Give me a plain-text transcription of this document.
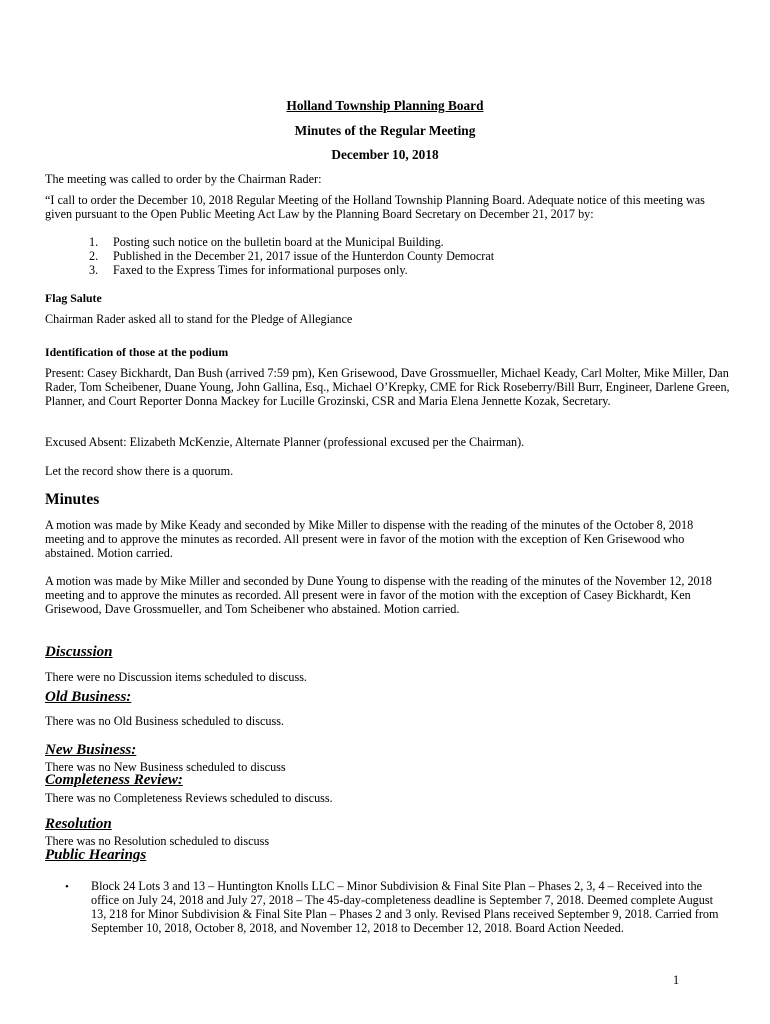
Holland Township Planning Board
Minutes of the Regular Meeting
December 10, 2018
The meeting was called to order by the Chairman Rader:
“I call to order the December 10, 2018 Regular Meeting of the Holland Township Planning Board. Adequate notice of this meeting was given pursuant to the Open Public Meeting Act Law by the Planning Board Secretary on December 21, 2017 by:
1. Posting such notice on the bulletin board at the Municipal Building.
2. Published in the December 21, 2017 issue of the Hunterdon County Democrat
3. Faxed to the Express Times for informational purposes only.
Flag Salute
Chairman Rader asked all to stand for the Pledge of Allegiance
Identification of those at the podium
Present: Casey Bickhardt, Dan Bush (arrived 7:59 pm), Ken Grisewood, Dave Grossmueller, Michael Keady, Carl Molter, Mike Miller, Dan Rader, Tom Scheibener, Duane Young, John Gallina, Esq., Michael O’Krepky, CME for Rick Roseberry/Bill Burr, Engineer, Darlene Green, Planner, and Court Reporter Donna Mackey for Lucille Grozinski, CSR and Maria Elena Jennette Kozak, Secretary.
Excused Absent: Elizabeth McKenzie, Alternate Planner (professional excused per the Chairman).
Let the record show there is a quorum.
Minutes
A motion was made by Mike Keady and seconded by Mike Miller to dispense with the reading of the minutes of the October 8, 2018 meeting and to approve the minutes as recorded. All present were in favor of the motion with the exception of Ken Grisewood who abstained. Motion carried.
A motion was made by Mike Miller and seconded by Dune Young to dispense with the reading of the minutes of the November 12, 2018 meeting and to approve the minutes as recorded. All present were in favor of the motion with the exception of Casey Bickhardt, Ken Grisewood, Dave Grossmueller, and Tom Scheibener who abstained. Motion carried.
Discussion
There were no Discussion items scheduled to discuss.
Old Business:
There was no Old Business scheduled to discuss.
New Business:
There was no New Business scheduled to discuss
Completeness Review:
There was no Completeness Reviews scheduled to discuss.
Resolution
There was no Resolution scheduled to discuss
Public Hearings
• Block 24 Lots 3 and 13 – Huntington Knolls LLC – Minor Subdivision & Final Site Plan – Phases 2, 3, 4 – Received into the office on July 24, 2018 and July 27, 2018 – The 45-day-completeness deadline is September 7, 2018. Deemed complete August 13, 218 for Minor Subdivision & Final Site Plan – Phases 2 and 3 only. Revised Plans received September 9, 2018. Carried from September 10, 2018, October 8, 2018, and November 12, 2018 to December 12, 2018. Board Action Needed.
1
